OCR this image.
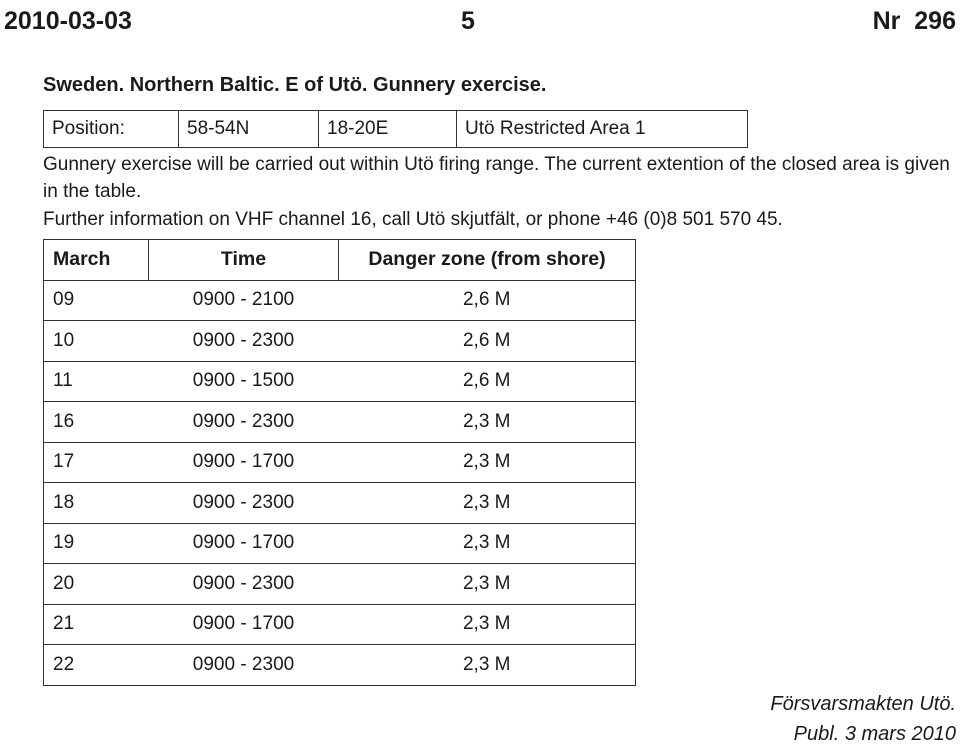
2010-03-03	5	Nr 296
Sweden. Northern Baltic. E of Utö. Gunnery exercise.
Position:	58-54N	18-20E	Utö Restricted Area 1

Gunnery exercise will be carried out within Utö firing range. The current extention of the closed area is given in the table.

Further information on VHF channel 16, call Utö skjutfält, or phone +46 (0)8 501 570 45.

March	Time	Danger zone (from shore)
09	0900 - 2100	2,6 M
10	0900 - 2300	2,6 M
11	0900 - 1500	2,6 M
16	0900 - 2300	2,3 M
17	0900 - 1700	2,3 M
18	0900 - 2300	2,3 M
19	0900 - 1700	2,3 M
20	0900 - 2300	2,3 M
21	0900 - 1700	2,3 M
22	0900 - 2300	2,3 M
Försvarsmakten Utö.
Publ. 3 mars 2010
